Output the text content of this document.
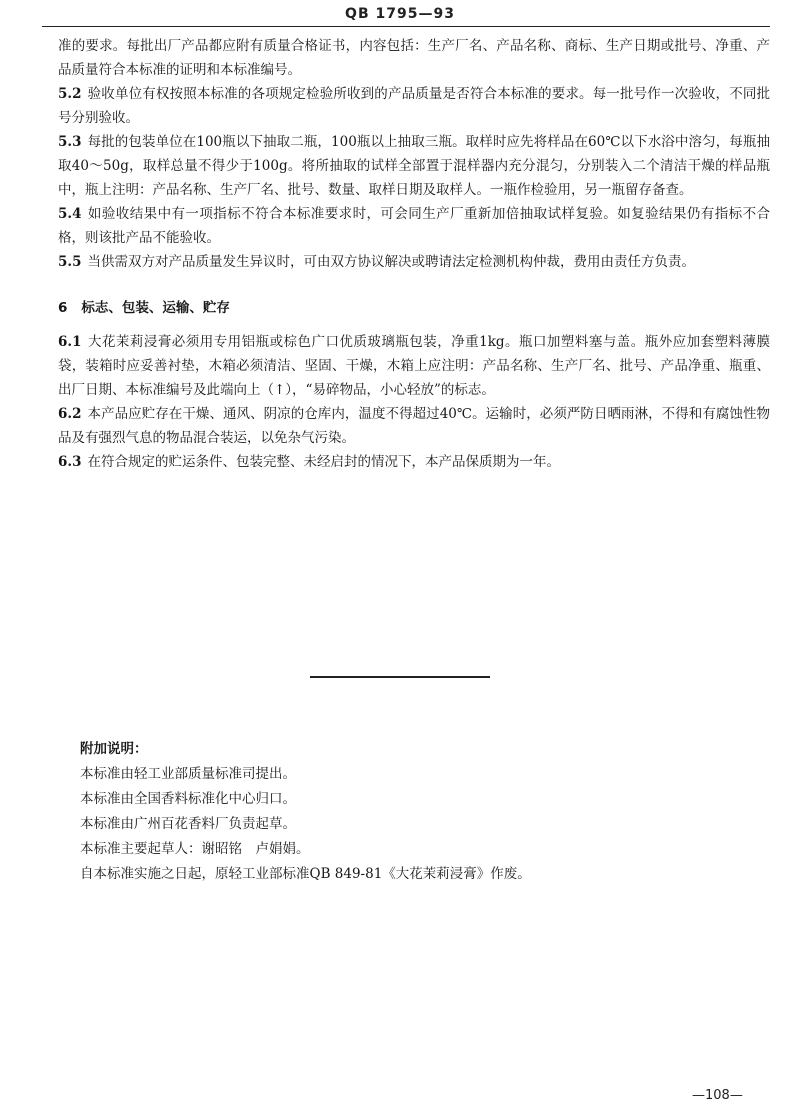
QB 1795—93

准的要求。每批出厂产品都应附有质量合格证书，内容包括：生产厂名、产品名称、商标、生产日期或批号、净重、产品质量符合本标准的证明和本标准编号。

5.2 验收单位有权按照本标准的各项规定检验所收到的产品质量是否符合本标准的要求。每一批号作一次验收，不同批号分别验收。

5.3 每批的包装单位在100瓶以下抽取二瓶，100瓶以上抽取三瓶。取样时应先将样品在60℃以下水浴中溶匀，每瓶抽取40～50g，取样总量不得少于100g。将所抽取的试样全部置于混样器内充分混匀，分别装入二个清洁干燥的样品瓶中，瓶上注明：产品名称、生产厂名、批号、数量、取样日期及取样人。一瓶作检验用，另一瓶留存备查。

5.4 如验收结果中有一项指标不符合本标准要求时，可会同生产厂重新加倍抽取试样复验。如复验结果仍有指标不合格，则该批产品不能验收。

5.5 当供需双方对产品质量发生异议时，可由双方协议解决或聘请法定检测机构仲裁，费用由责任方负责。

6 标志、包装、运输、贮存

6.1 大花茉莉浸膏必须用专用铝瓶或棕色广口优质玻璃瓶包装，净重1kg。瓶口加塑料塞与盖。瓶外应加套塑料薄膜袋，装箱时应妥善衬垫，木箱必须清洁、坚固、干燥，木箱上应注明：产品名称、生产厂名、批号、产品净重、瓶重、出厂日期、本标准编号及此端向上（↑），“易碎物品，小心轻放”的标志。

6.2 本产品应贮存在干燥、通风、阴凉的仓库内，温度不得超过40℃。运输时，必须严防日晒雨淋，不得和有腐蚀性物品及有强烈气息的物品混合装运，以免杂气污染。

6.3 在符合规定的贮运条件、包装完整、未经启封的情况下，本产品保质期为一年。

附加说明：

本标准由轻工业部质量标准司提出。

本标准由全国香料标准化中心归口。

本标准由广州百花香料厂负责起草。

本标准主要起草人：谢昭铭　卢娟娟。

自本标准实施之日起，原轻工业部标准QB 849-81《大花茉莉浸膏》作废。

—108—
